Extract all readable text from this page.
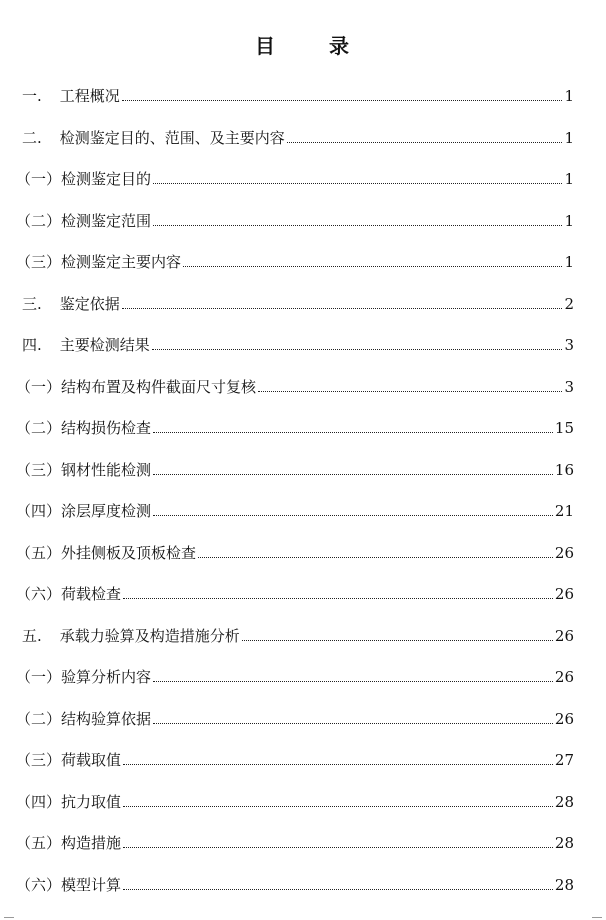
目	录
一. 工程概况	1
二. 检测鉴定目的、范围、及主要内容	1
（一）检测鉴定目的	1
（二）检测鉴定范围	1
（三）检测鉴定主要内容	1
三. 鉴定依据	2
四. 主要检测结果	3
（一）结构布置及构件截面尺寸复核	3
（二）结构损伤检查	15
（三）钢材性能检测	16
（四）涂层厚度检测	21
（五）外挂侧板及顶板检查	26
（六）荷载检查	26
五. 承载力验算及构造措施分析	26
（一）验算分析内容	26
（二）结构验算依据	26
（三）荷载取值	27
（四）抗力取值	28
（五）构造措施	28
（六）模型计算	28
